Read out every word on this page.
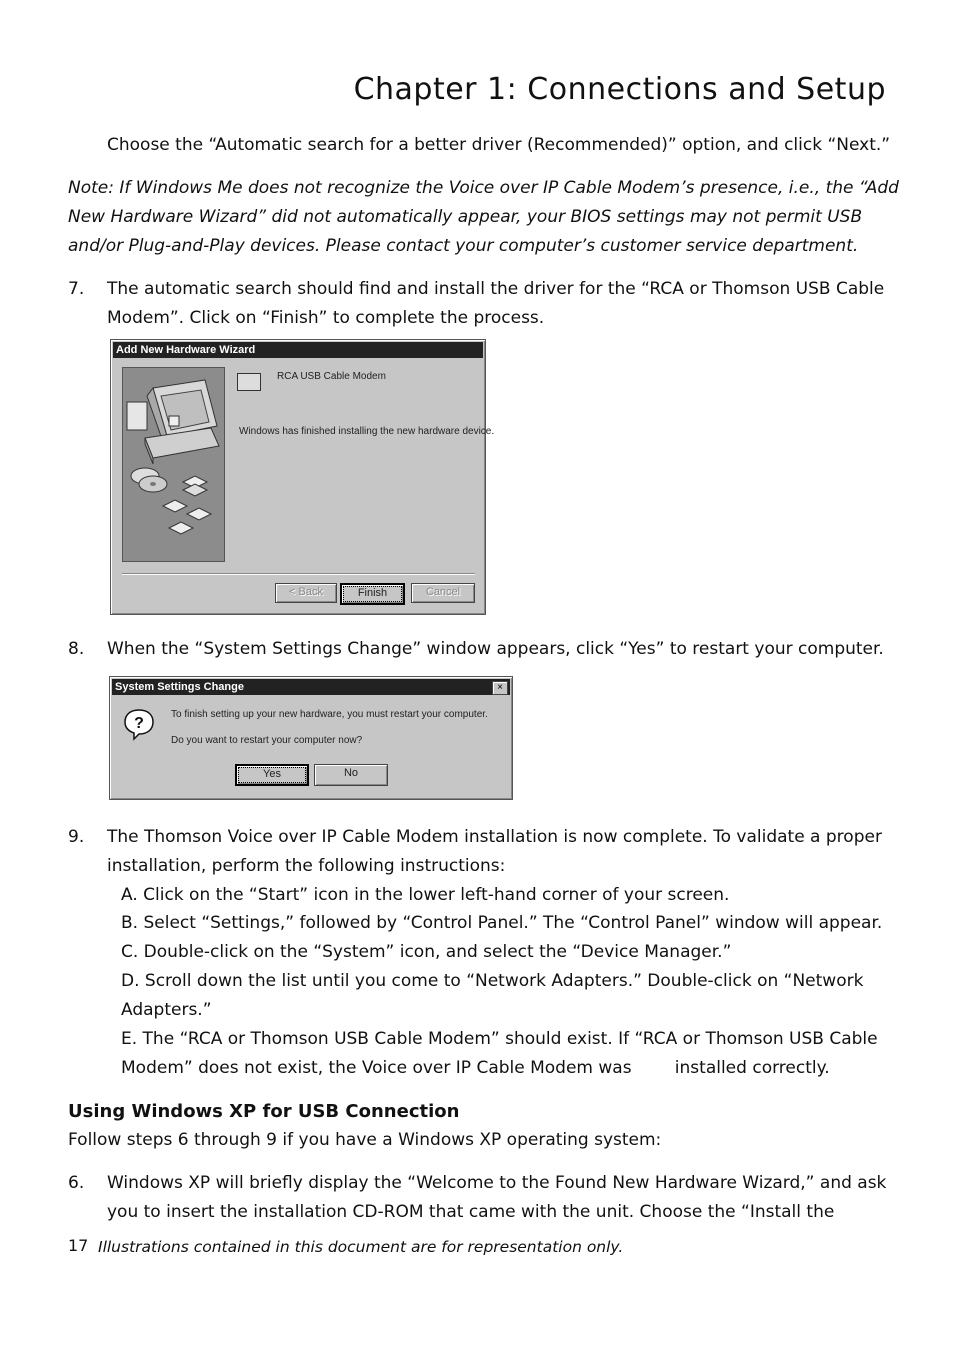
Chapter 1: Connections and Setup
Choose the “Automatic search for a better driver (Recommended)” option, and click “Next.”
Note: If Windows Me does not recognize the Voice over IP Cable Modem’s presence, i.e., the “Add
New Hardware Wizard” did not automatically appear, your BIOS settings may not permit USB
and/or Plug-and-Play devices. Please contact your computer’s customer service department.
7. The automatic search should find and install the driver for the “RCA or Thomson USB Cable
Modem”. Click on “Finish” to complete the process.
Add New Hardware Wizard
RCA USB Cable Modem
Windows has finished installing the new hardware device.
< Back	Finish	Cancel
8. When the “System Settings Change” window appears, click “Yes” to restart your computer.
System Settings Change	×
?
To finish setting up your new hardware, you must restart your computer.
Do you want to restart your computer now?
Yes	No
9. The Thomson Voice over IP Cable Modem installation is now complete. To validate a proper
installation, perform the following instructions:
A. Click on the “Start” icon in the lower left-hand corner of your screen.
B. Select “Settings,” followed by “Control Panel.” The “Control Panel” window will appear.
C. Double-click on the “System” icon, and select the “Device Manager.”
D. Scroll down the list until you come to “Network Adapters.” Double-click on “Network
Adapters.”
E. The “RCA or Thomson USB Cable Modem” should exist. If “RCA or Thomson USB Cable
Modem” does not exist, the Voice over IP Cable Modem was        installed correctly.
Using Windows XP for USB Connection
Follow steps 6 through 9 if you have a Windows XP operating system:
6. Windows XP will briefly display the “Welcome to the Found New Hardware Wizard,” and ask
you to insert the installation CD-ROM that came with the unit. Choose the “Install the
17 Illustrations contained in this document are for representation only.
